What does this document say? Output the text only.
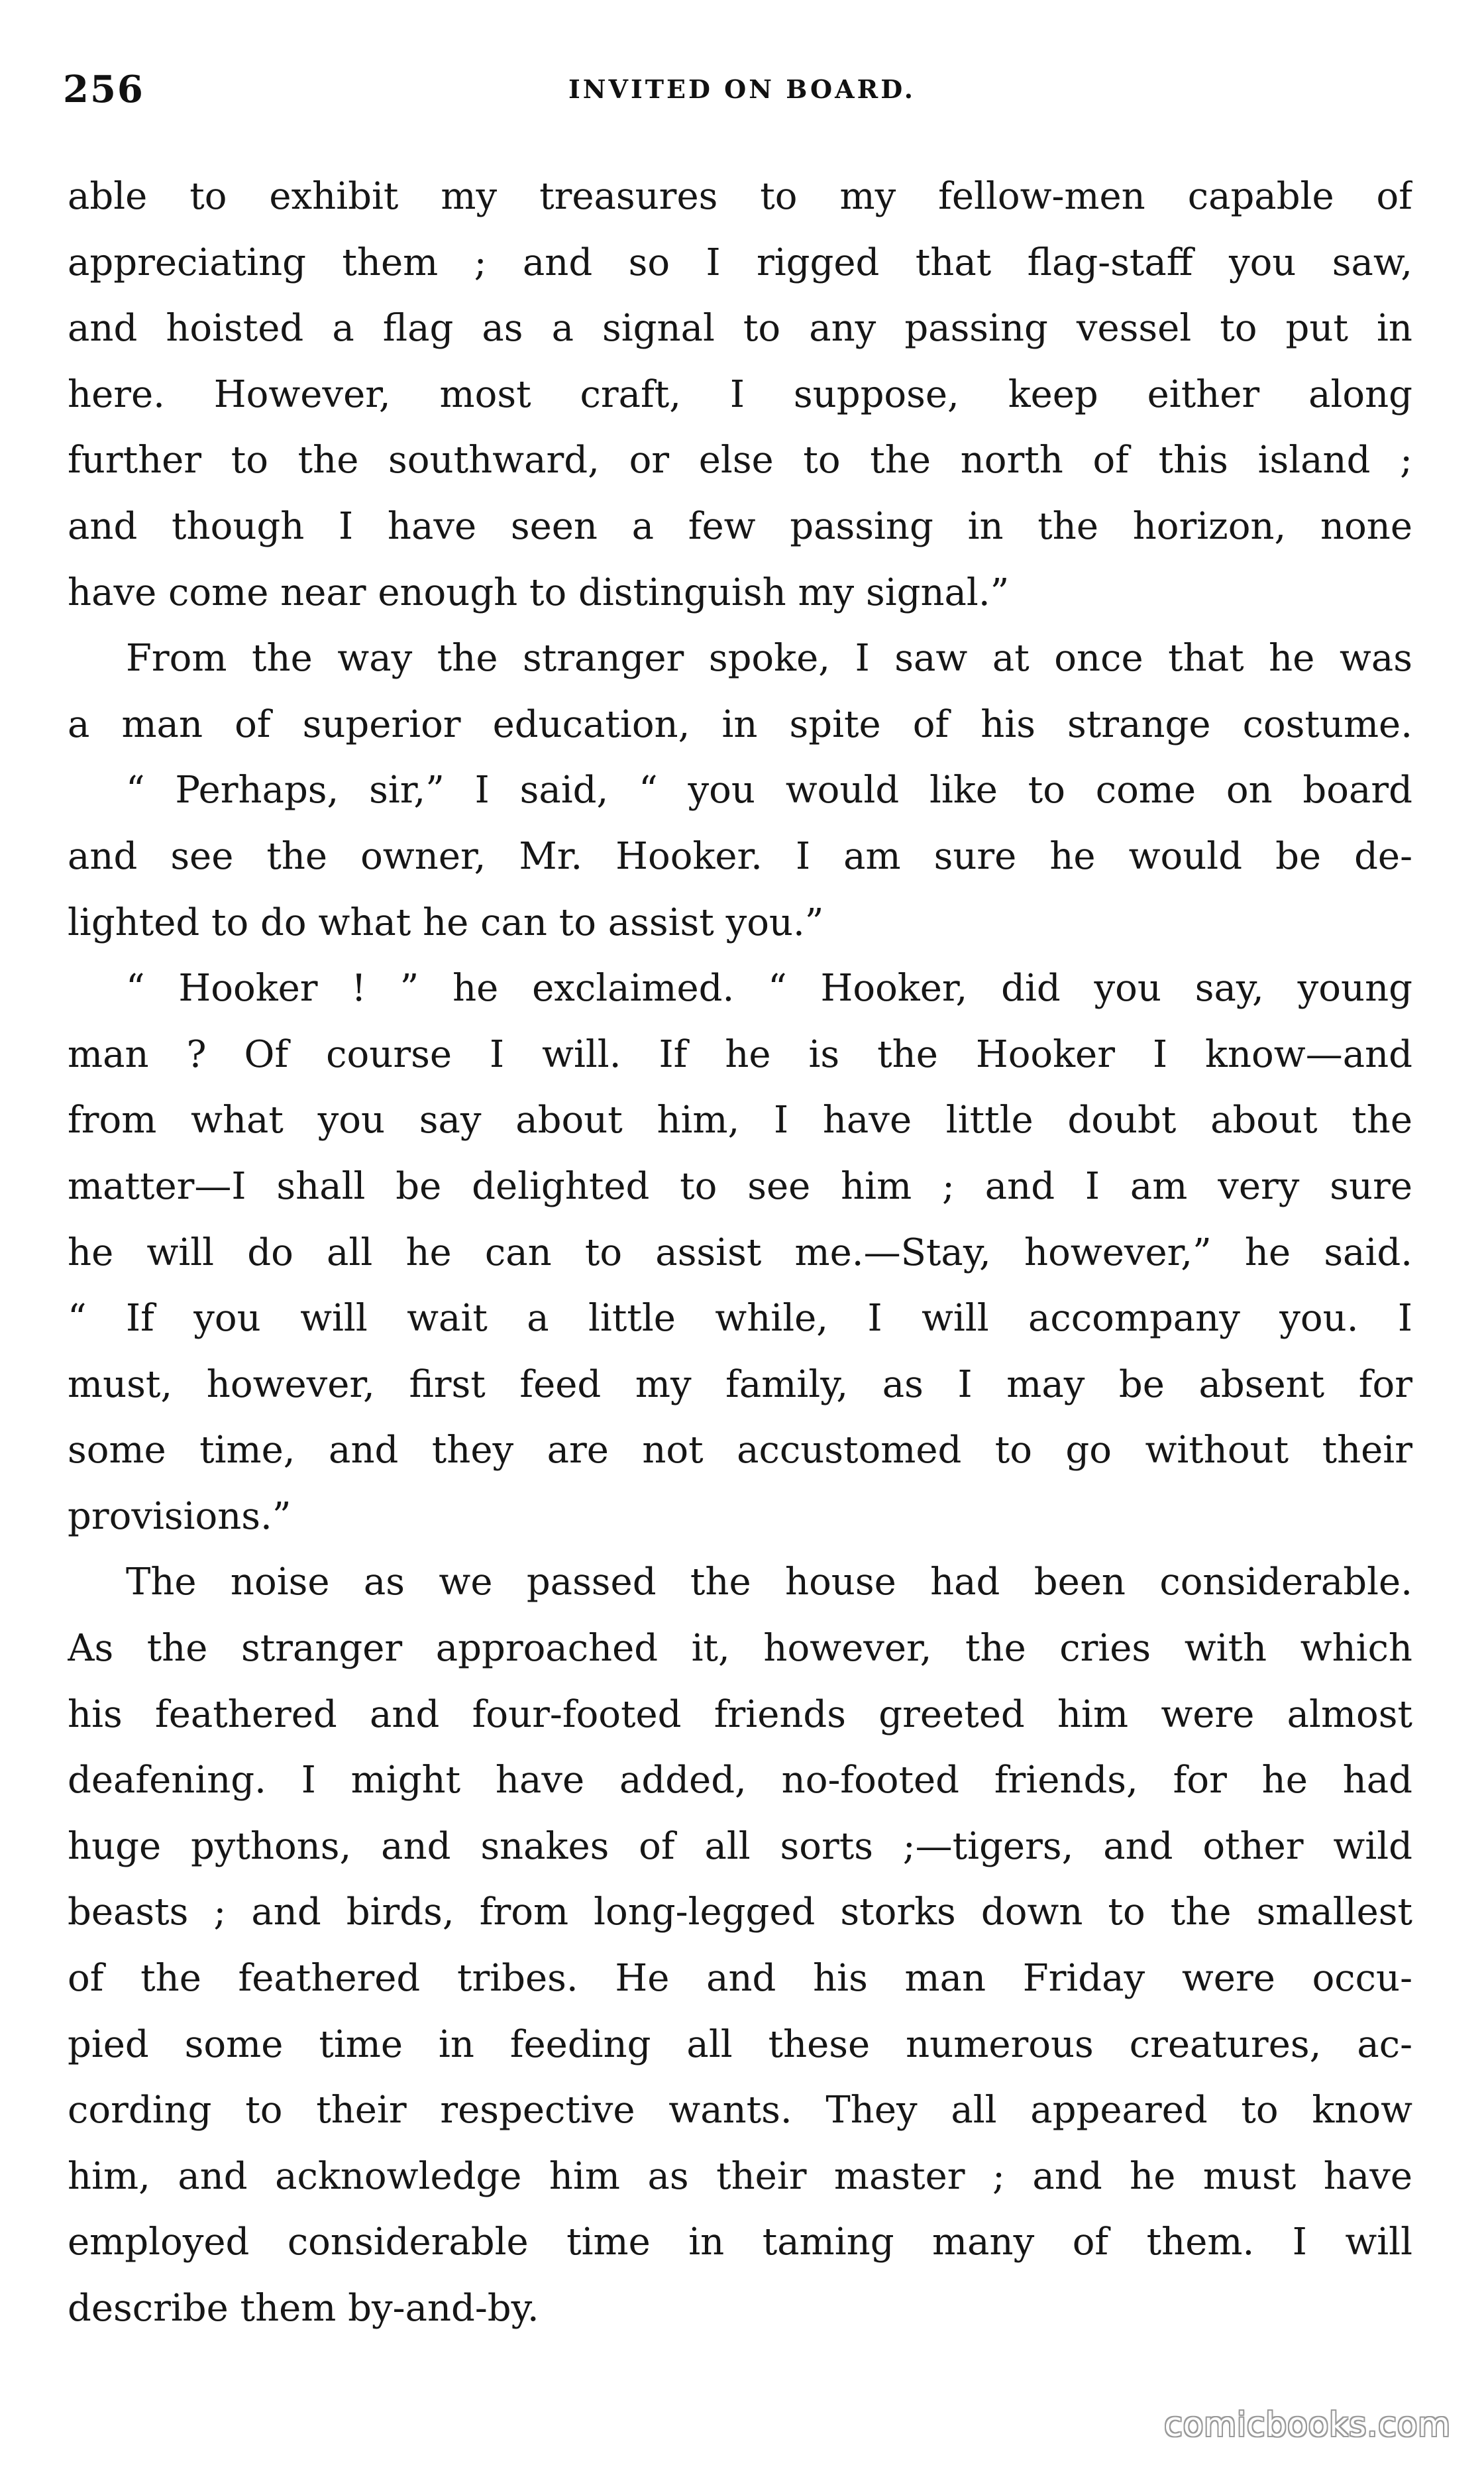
256	INVITED ON BOARD.
able to exhibit my treasures to my fellow-men capable of
appreciating them ; and so I rigged that flag-staff you saw,
and hoisted a flag as a signal to any passing vessel to put in
here. However, most craft, I suppose, keep either along
further to the southward, or else to the north of this island ;
and though I have seen a few passing in the horizon, none
have come near enough to distinguish my signal.”
From the way the stranger spoke, I saw at once that he was
a man of superior education, in spite of his strange costume.
“ Perhaps, sir,” I said, “ you would like to come on board
and see the owner, Mr. Hooker. I am sure he would be de-
lighted to do what he can to assist you.”
“ Hooker ! ” he exclaimed. “ Hooker, did you say, young
man ? Of course I will. If he is the Hooker I know—and
from what you say about him, I have little doubt about the
matter—I shall be delighted to see him ; and I am very sure
he will do all he can to assist me.—Stay, however,” he said.
“ If you will wait a little while, I will accompany you. I
must, however, first feed my family, as I may be absent for
some time, and they are not accustomed to go without their
provisions.”
The noise as we passed the house had been considerable.
As the stranger approached it, however, the cries with which
his feathered and four-footed friends greeted him were almost
deafening. I might have added, no-footed friends, for he had
huge pythons, and snakes of all sorts ;—tigers, and other wild
beasts ; and birds, from long-legged storks down to the smallest
of the feathered tribes. He and his man Friday were occu-
pied some time in feeding all these numerous creatures, ac-
cording to their respective wants. They all appeared to know
him, and acknowledge him as their master ; and he must have
employed considerable time in taming many of them. I will
describe them by-and-by.
comicbooks.com
